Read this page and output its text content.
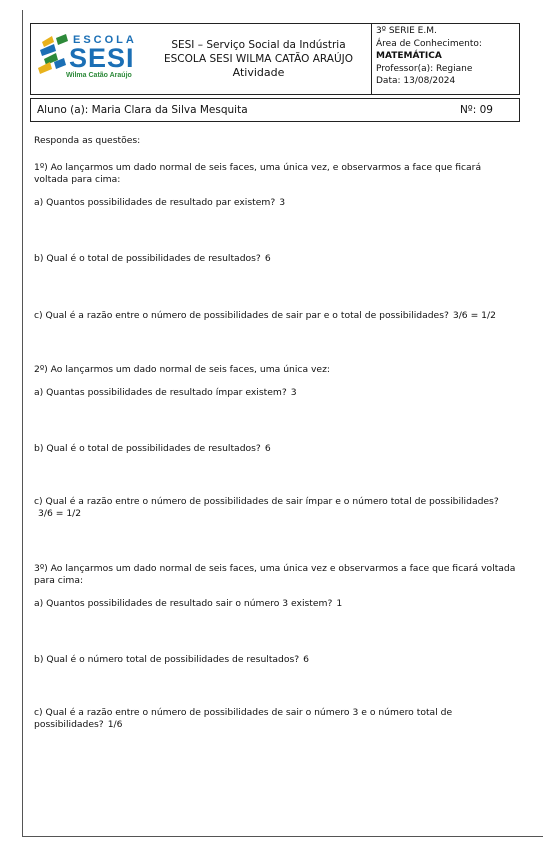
ESCOLA
SESI
Wilma Catão Araújo
SESI – Serviço Social da Indústria
ESCOLA SESI WILMA CATÃO ARAÚJO
Atividade
3º SERIE E.M.
Área de Conhecimento:
MATEMÁTICA
Professor(a): Regiane
Data: 13/08/2024
Aluno (a): Maria Clara da Silva Mesquita	Nº: 09

Responda as questões:

1º) Ao lançarmos um dado normal de seis faces, uma única vez, e observarmos a face que ficará voltada para cima:

a) Quantos possibilidades de resultado par existem? 3

b) Qual é o total de possibilidades de resultados? 6

c) Qual é a razão entre o número de possibilidades de sair par e o total de possibilidades? 3/6 = 1/2

2º) Ao lançarmos um dado normal de seis faces, uma única vez:

a) Quantas possibilidades de resultado ímpar existem? 3

b) Qual é o total de possibilidades de resultados? 6

c) Qual é a razão entre o número de possibilidades de sair ímpar e o número total de possibilidades?3/6 = 1/2

3º) Ao lançarmos um dado normal de seis faces, uma única vez e observarmos a face que ficará voltada para cima:

a) Quantos possibilidades de resultado sair o número 3 existem? 1

b) Qual é o número total de possibilidades de resultados? 6

c) Qual é a razão entre o número de possibilidades de sair o número 3 e o número total de possibilidades? 1/6
